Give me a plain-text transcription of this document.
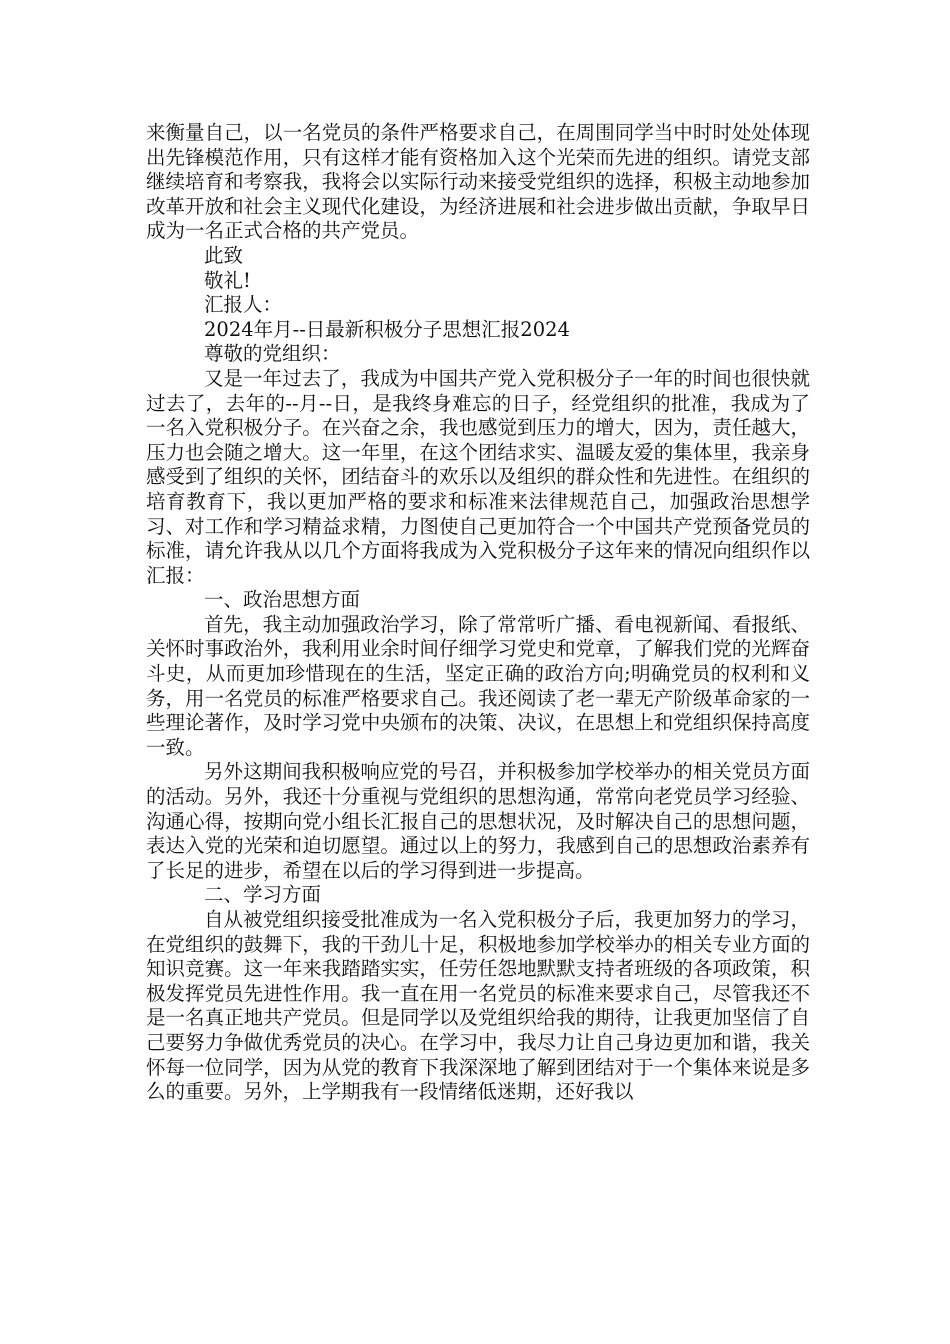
来衡量自己，以一名党员的条件严格要求自己，在周围同学当中时时处处体现出先锋模范作用，只有这样才能有资格加入这个光荣而先进的组织。请党支部继续培育和考察我，我将会以实际行动来接受党组织的选择，积极主动地参加改革开放和社会主义现代化建设，为经济进展和社会进步做出贡献，争取早日成为一名正式合格的共产党员。

此致

敬礼!

汇报人：

2024年月--日最新积极分子思想汇报2024

尊敬的党组织：

又是一年过去了，我成为中国共产党入党积极分子一年的时间也很快就过去了，去年的--月--日，是我终身难忘的日子，经党组织的批准，我成为了一名入党积极分子。在兴奋之余，我也感觉到压力的增大，因为，责任越大，压力也会随之增大。这一年里，在这个团结求实、温暖友爱的集体里，我亲身感受到了组织的关怀，团结奋斗的欢乐以及组织的群众性和先进性。在组织的培育教育下，我以更加严格的要求和标准来法律规范自己，加强政治思想学习、对工作和学习精益求精，力图使自己更加符合一个中国共产党预备党员的标准，请允许我从以几个方面将我成为入党积极分子这年来的情况向组织作以汇报：

一、政治思想方面

首先，我主动加强政治学习，除了常常听广播、看电视新闻、看报纸、关怀时事政治外，我利用业余时间仔细学习党史和党章，了解我们党的光辉奋斗史，从而更加珍惜现在的生活，坚定正确的政治方向;明确党员的权利和义务，用一名党员的标准严格要求自己。我还阅读了老一辈无产阶级革命家的一些理论著作，及时学习党中央颁布的决策、决议，在思想上和党组织保持高度一致。

另外这期间我积极响应党的号召，并积极参加学校举办的相关党员方面的活动。另外，我还十分重视与党组织的思想沟通，常常向老党员学习经验、沟通心得，按期向党小组长汇报自己的思想状况，及时解决自己的思想问题，表达入党的光荣和迫切愿望。通过以上的努力，我感到自己的思想政治素养有了长足的进步，希望在以后的学习得到进一步提高。

二、学习方面

自从被党组织接受批准成为一名入党积极分子后，我更加努力的学习，在党组织的鼓舞下，我的干劲儿十足，积极地参加学校举办的相关专业方面的知识竞赛。这一年来我踏踏实实，任劳任怨地默默支持者班级的各项政策，积极发挥党员先进性作用。我一直在用一名党员的标准来要求自己，尽管我还不是一名真正地共产党员。但是同学以及党组织给我的期待，让我更加坚信了自己要努力争做优秀党员的决心。在学习中，我尽力让自己身边更加和谐，我关怀每一位同学，因为从党的教育下我深深地了解到团结对于一个集体来说是多么的重要。另外，上学期我有一段情绪低迷期，还好我以
